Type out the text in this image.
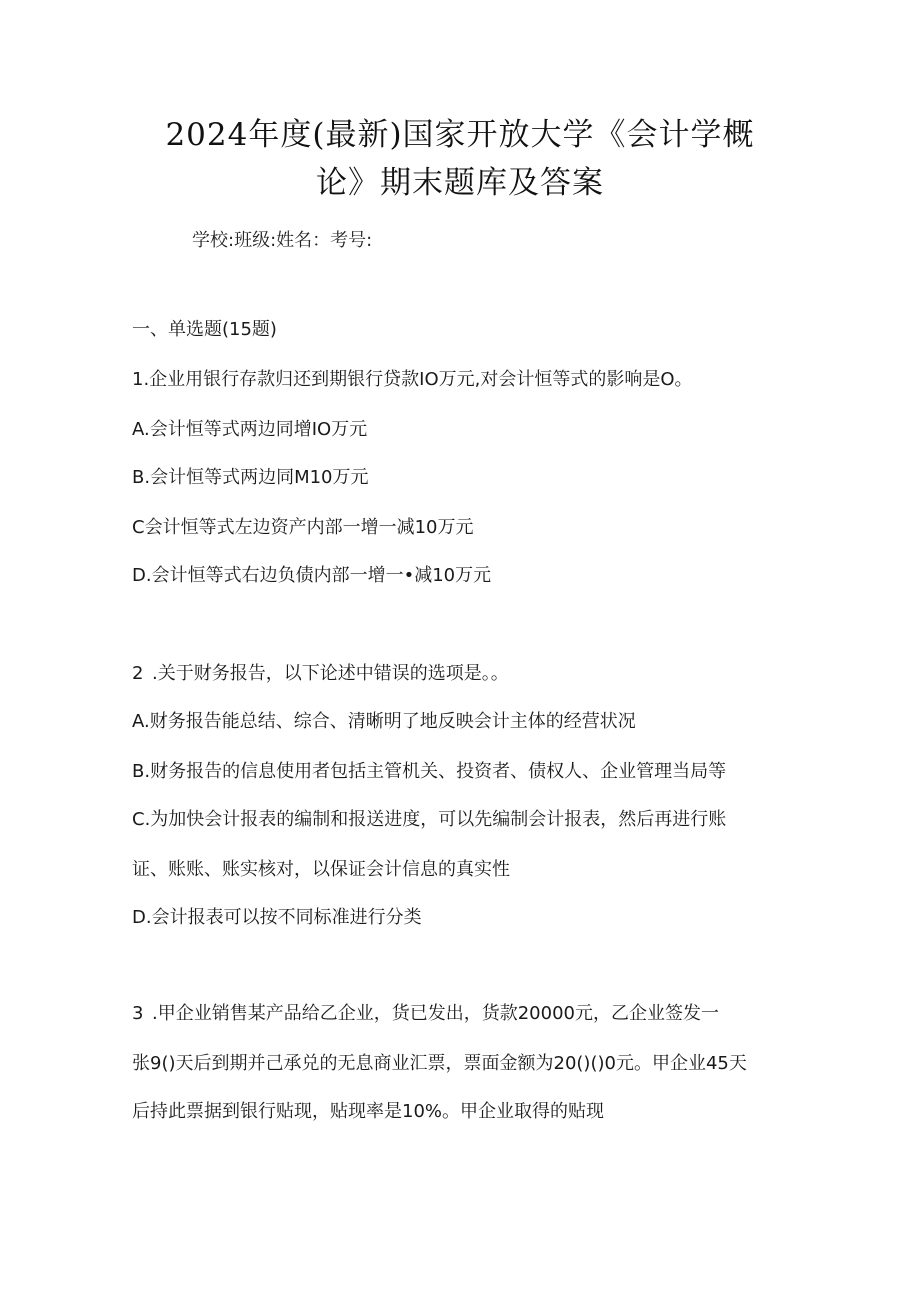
2024年度(最新)国家开放大学《会计学概
论》期末题库及答案
学校:班级:姓名：考号:
一、单选题(15题)
1.企业用银行存款归还到期银行贷款IO万元,对会计恒等式的影响是O。
A.会计恒等式两边同增IO万元
B.会计恒等式两边同M10万元
C会计恒等式左边资产内部一增一减10万元
D.会计恒等式右边负债内部一增一•减10万元
2 .关于财务报告，以下论述中错误的选项是。。
A.财务报告能总结、综合、清晰明了地反映会计主体的经营状况
B.财务报告的信息使用者包括主管机关、投资者、债权人、企业管理当局等
C.为加快会计报表的编制和报送进度，可以先编制会计报表，然后再进行账
证、账账、账实核对，以保证会计信息的真实性
D.会计报表可以按不同标准进行分类
3 .甲企业销售某产品给乙企业，货已发出，货款20000元，乙企业签发一
张9()天后到期并己承兑的无息商业汇票，票面金额为20()()0元。甲企业45天
后持此票据到银行贴现，贴现率是10%。甲企业取得的贴现
